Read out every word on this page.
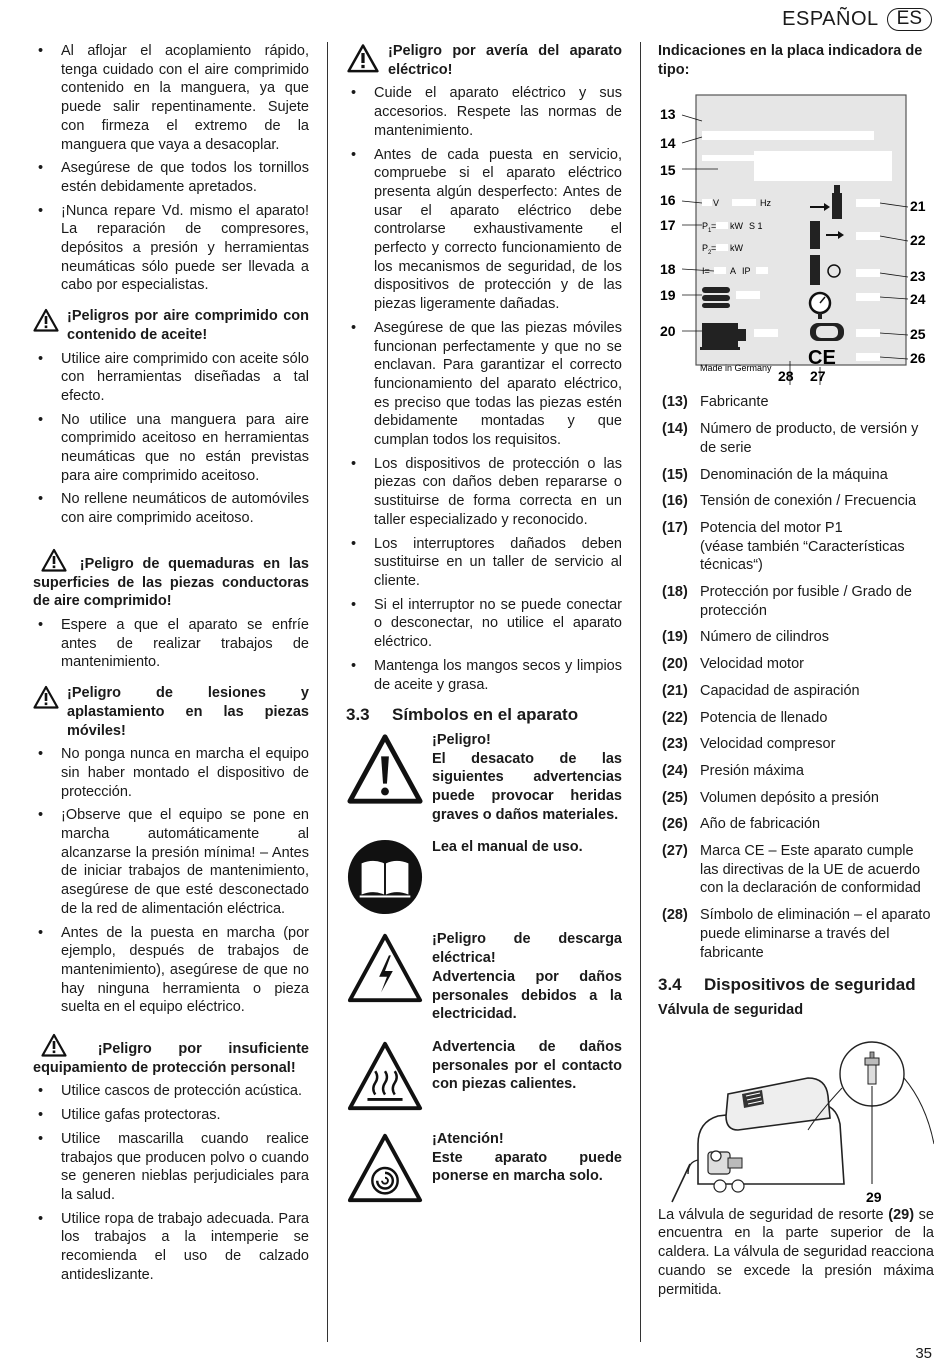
ESPAÑOL ES
• Al aflojar el acoplamiento rápido, tenga cuidado con el aire comprimido contenido en la manguera, ya que puede salir repentinamente. Sujete con firmeza el extremo de la manguera que vaya a desacoplar.
• Asegúrese de que todos los tornillos estén debidamente apretados.
• ¡Nunca repare Vd. mismo el aparato! La reparación de compresores, depósitos a presión y herramientas neumáticas sólo puede ser llevada a cabo por especialistas.
¡Peligros por aire comprimido con contenido de aceite!
• Utilice aire comprimido con aceite sólo con herramientas diseñadas a tal efecto.
• No utilice una manguera para aire comprimido aceitoso en herramientas neumáticas que no están previstas para aire comprimido aceitoso.
• No rellene neumáticos de automóviles con aire comprimido aceitoso.
¡Peligro de quemaduras en las superficies de las piezas conductoras de aire comprimido!
• Espere a que el aparato se enfríe antes de realizar trabajos de mantenimiento.
¡Peligro de lesiones y aplastamiento en las piezas móviles!
• No ponga nunca en marcha el equipo sin haber montado el dispositivo de protección.
• ¡Observe que el equipo se pone en marcha automáticamente al alcanzarse la presión mínima! – Antes de iniciar trabajos de mantenimiento, asegúrese de que esté desconectado de la red de alimentación eléctrica.
• Antes de la puesta en marcha (por ejemplo, después de trabajos de mantenimiento), asegúrese de que no hay ninguna herramienta o pieza suelta en el equipo eléctrico.
¡Peligro por insuficiente equipamiento de protección personal!
• Utilice cascos de protección acústica.
• Utilice gafas protectoras.
• Utilice mascarilla cuando realice trabajos que producen polvo o cuando se generen nieblas perjudiciales para la salud.
• Utilice ropa de trabajo adecuada. Para los trabajos a la intemperie se recomienda el uso de calzado antideslizante.
¡Peligro por avería del aparato eléctrico!
• Cuide el aparato eléctrico y sus accesorios. Respete las normas de mantenimiento.
• Antes de cada puesta en servicio, compruebe si el aparato eléctrico presenta algún desperfecto: Antes de usar el aparato eléctrico debe controlarse exhaustivamente el perfecto y correcto funcionamiento de los mecanismos de seguridad, de los dispositivos de protección y de las piezas ligeramente dañadas.
• Asegúrese de que las piezas móviles funcionan perfectamente y que no se enclavan. Para garantizar el correcto funcionamiento del aparato eléctrico, es preciso que todas las piezas estén debidamente montadas y que cumplan todos los requisitos.
• Los dispositivos de protección o las piezas con daños deben repararse o sustituirse de forma correcta en un taller especializado y reconocido.
• Los interruptores dañados deben sustituirse en un taller de servicio al cliente.
• Si el interruptor no se puede conectar o desconectar, no utilice el aparato eléctrico.
• Mantenga los mangos secos y limpios de aceite y grasa.
3.3	Símbolos en el aparato
¡Peligro!
El desacato de las siguientes advertencias puede provocar heridas graves o daños materiales.
Lea el manual de uso.
¡Peligro de descarga eléctrica!
Advertencia por daños personales debidos a la electricidad.
Advertencia de daños personales por el contacto con piezas calientes.
¡Atención!
Este aparato puede ponerse en marcha solo.
Indicaciones en la placa indicadora de tipo:
V	Hz
P 1 = kW S 1
P 2 = kW
I= A IP
Made in Germany CE
13
14
15
16
17
18
19
20
21
22
23
24
25
26
28 27
(13) Fabricante
(14) Número de producto, de versión y de serie
(15) Denominación de la máquina
(16) Tensión de conexión / Frecuencia
(17) Potencia del motor P1
(véase también “Características técnicas“)
(18) Protección por fusible / Grado de protección
(19) Número de cilindros
(20) Velocidad motor
(21) Capacidad de aspiración
(22) Potencia de llenado
(23) Velocidad compresor
(24) Presión máxima
(25) Volumen depósito a presión
(26) Año de fabricación
(27) Marca CE – Este aparato cumple las directivas de la UE de acuerdo con la declaración de conformidad
(28) Símbolo de eliminación – el aparato puede eliminarse a través del fabricante
3.4	Dispositivos de seguridad
Válvula de seguridad
29

La válvula de seguridad de resorte (29) se encuentra en la parte superior de la caldera. La válvula de seguridad reacciona cuando se excede la presión máxima permitida.

35
